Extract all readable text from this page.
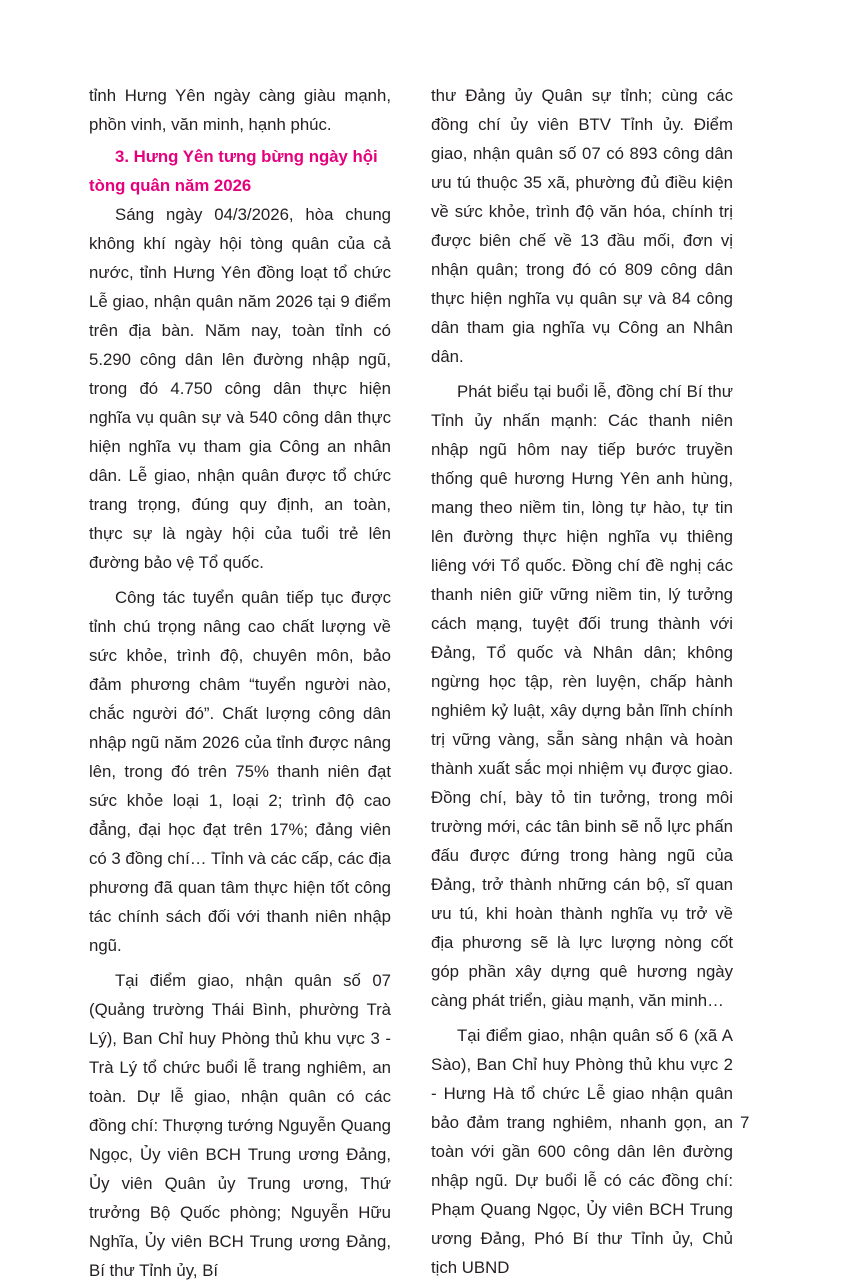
tỉnh Hưng Yên ngày càng giàu mạnh, phồn vinh, văn minh, hạnh phúc.

3. Hưng Yên tưng bừng ngày hội tòng quân năm 2026

Sáng ngày 04/3/2026, hòa chung không khí ngày hội tòng quân của cả nước, tỉnh Hưng Yên đồng loạt tổ chức Lễ giao, nhận quân năm 2026 tại 9 điểm trên địa bàn. Năm nay, toàn tỉnh có 5.290 công dân lên đường nhập ngũ, trong đó 4.750 công dân thực hiện nghĩa vụ quân sự và 540 công dân thực hiện nghĩa vụ tham gia Công an nhân dân. Lễ giao, nhận quân được tổ chức trang trọng, đúng quy định, an toàn, thực sự là ngày hội của tuổi trẻ lên đường bảo vệ Tổ quốc.

Công tác tuyển quân tiếp tục được tỉnh chú trọng nâng cao chất lượng về sức khỏe, trình độ, chuyên môn, bảo đảm phương châm “tuyển người nào, chắc người đó”. Chất lượng công dân nhập ngũ năm 2026 của tỉnh được nâng lên, trong đó trên 75% thanh niên đạt sức khỏe loại 1, loại 2; trình độ cao đẳng, đại học đạt trên 17%; đảng viên có 3 đồng chí… Tỉnh và các cấp, các địa phương đã quan tâm thực hiện tốt công tác chính sách đối với thanh niên nhập ngũ.

Tại điểm giao, nhận quân số 07 (Quảng trường Thái Bình, phường Trà Lý), Ban Chỉ huy Phòng thủ khu vực 3 - Trà Lý tổ chức buổi lễ trang nghiêm, an toàn. Dự lễ giao, nhận quân có các đồng chí: Thượng tướng Nguyễn Quang Ngọc, Ủy viên BCH Trung ương Đảng, Ủy viên Quân ủy Trung ương, Thứ trưởng Bộ Quốc phòng; Nguyễn Hữu Nghĩa, Ủy viên BCH Trung ương Đảng, Bí thư Tỉnh ủy, Bí

thư Đảng ủy Quân sự tỉnh; cùng các đồng chí ủy viên BTV Tỉnh ủy. Điểm giao, nhận quân số 07 có 893 công dân ưu tú thuộc 35 xã, phường đủ điều kiện về sức khỏe, trình độ văn hóa, chính trị được biên chế về 13 đầu mối, đơn vị nhận quân; trong đó có 809 công dân thực hiện nghĩa vụ quân sự và 84 công dân tham gia nghĩa vụ Công an Nhân dân.

Phát biểu tại buổi lễ, đồng chí Bí thư Tỉnh ủy nhấn mạnh: Các thanh niên nhập ngũ hôm nay tiếp bước truyền thống quê hương Hưng Yên anh hùng, mang theo niềm tin, lòng tự hào, tự tin lên đường thực hiện nghĩa vụ thiêng liêng với Tổ quốc. Đồng chí đề nghị các thanh niên giữ vững niềm tin, lý tưởng cách mạng, tuyệt đối trung thành với Đảng, Tổ quốc và Nhân dân; không ngừng học tập, rèn luyện, chấp hành nghiêm kỷ luật, xây dựng bản lĩnh chính trị vững vàng, sẵn sàng nhận và hoàn thành xuất sắc mọi nhiệm vụ được giao. Đồng chí, bày tỏ tin tưởng, trong môi trường mới, các tân binh sẽ nỗ lực phấn đấu được đứng trong hàng ngũ của Đảng, trở thành những cán bộ, sĩ quan ưu tú, khi hoàn thành nghĩa vụ trở về địa phương sẽ là lực lượng nòng cốt góp phần xây dựng quê hương ngày càng phát triển, giàu mạnh, văn minh…

Tại điểm giao, nhận quân số 6 (xã A Sào), Ban Chỉ huy Phòng thủ khu vực 2 - Hưng Hà tổ chức Lễ giao nhận quân bảo đảm trang nghiêm, nhanh gọn, an toàn với gần 600 công dân lên đường nhập ngũ. Dự buổi lễ có các đồng chí: Phạm Quang Ngọc, Ủy viên BCH Trung ương Đảng, Phó Bí thư Tỉnh ủy, Chủ tịch UBND

7
